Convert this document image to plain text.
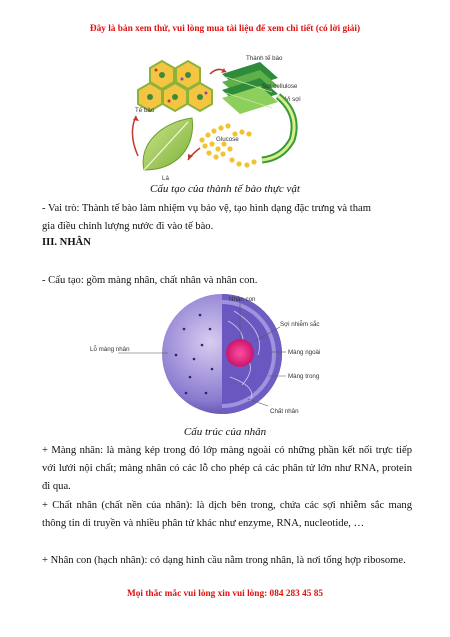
Đây là bản xem thử, vui lòng mua tài liệu để xem chi tiết (có lời giải)
Tế bào
Thành tế bào
Sợi cellulose
Vi sợi
Lá
Glucose
Cấu tạo của thành tế bào thực vật

- Vai trò: Thành tế bào làm nhiệm vụ bảo vệ, tạo hình dạng đặc trưng và tham
gia điều chỉnh lượng nước đi vào tế bào.

III. NHÂN

- Cấu tạo: gồm màng nhân, chất nhân và nhân con.

Nhân con
Sợi nhiễm sắc
Lỗ màng nhân	Màng ngoài
Màng trong
Chất nhân
Cấu trúc của nhân

+ Màng nhân: là màng kép trong đó lớp màng ngoài có những phần kết nối trực tiếp với lưới nội chất; màng nhân có các lỗ cho phép cả các phân tử lớn như RNA, protein đi qua.

+ Chất nhân (chất nền của nhân): là dịch bên trong, chứa các sợi nhiễm sắc mang thông tin di truyền và nhiều phân tử khác như enzyme, RNA, nucleotide, …

+ Nhân con (hạch nhân): có dạng hình cầu nằm trong nhân, là nơi tổng hợp ribosome.

Mọi thắc mắc vui lòng xin vui lòng: 084 283 45 85
